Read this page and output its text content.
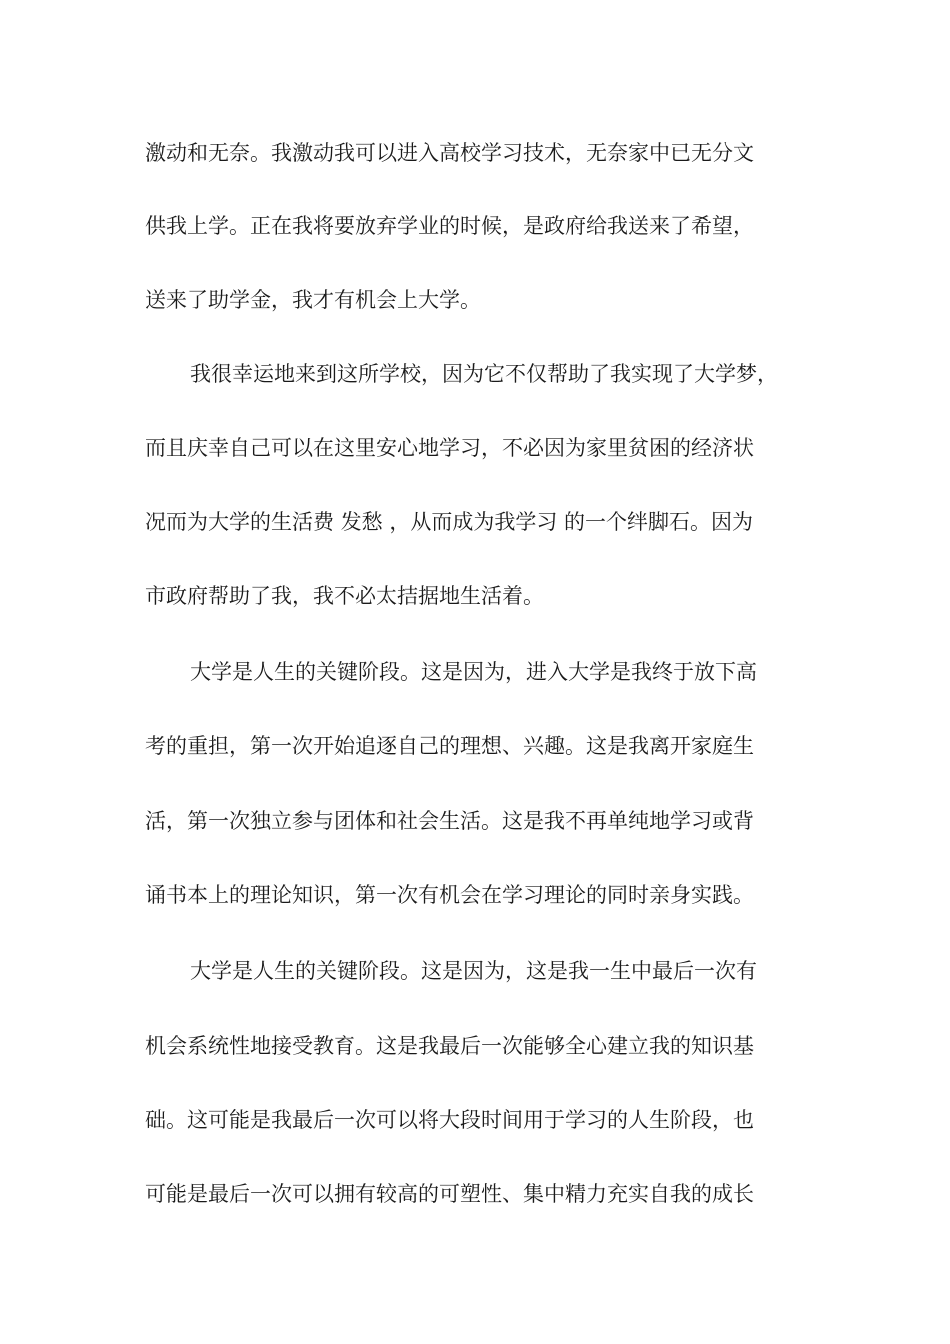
激动和无奈。我激动我可以进入高校学习技术，无奈家中已无分文
供我上学。正在我将要放弃学业的时候，是政府给我送来了希望，
送来了助学金，我才有机会上大学。
我很幸运地来到这所学校，因为它不仅帮助了我实现了大学梦，
而且庆幸自己可以在这里安心地学习，不必因为家里贫困的经济状
况而为大学的生活费 发愁 ，从而成为我学习 的一个绊脚石。因为
市政府帮助了我，我不必太拮据地生活着。
大学是人生的关键阶段。这是因为，进入大学是我终于放下高
考的重担，第一次开始追逐自己的理想、兴趣。这是我离开家庭生
活，第一次独立参与团体和社会生活。这是我不再单纯地学习或背
诵书本上的理论知识，第一次有机会在学习理论的同时亲身实践。
大学是人生的关键阶段。这是因为，这是我一生中最后一次有
机会系统性地接受教育。这是我最后一次能够全心建立我的知识基
础。这可能是我最后一次可以将大段时间用于学习的人生阶段，也
可能是最后一次可以拥有较高的可塑性、集中精力充实自我的成长
